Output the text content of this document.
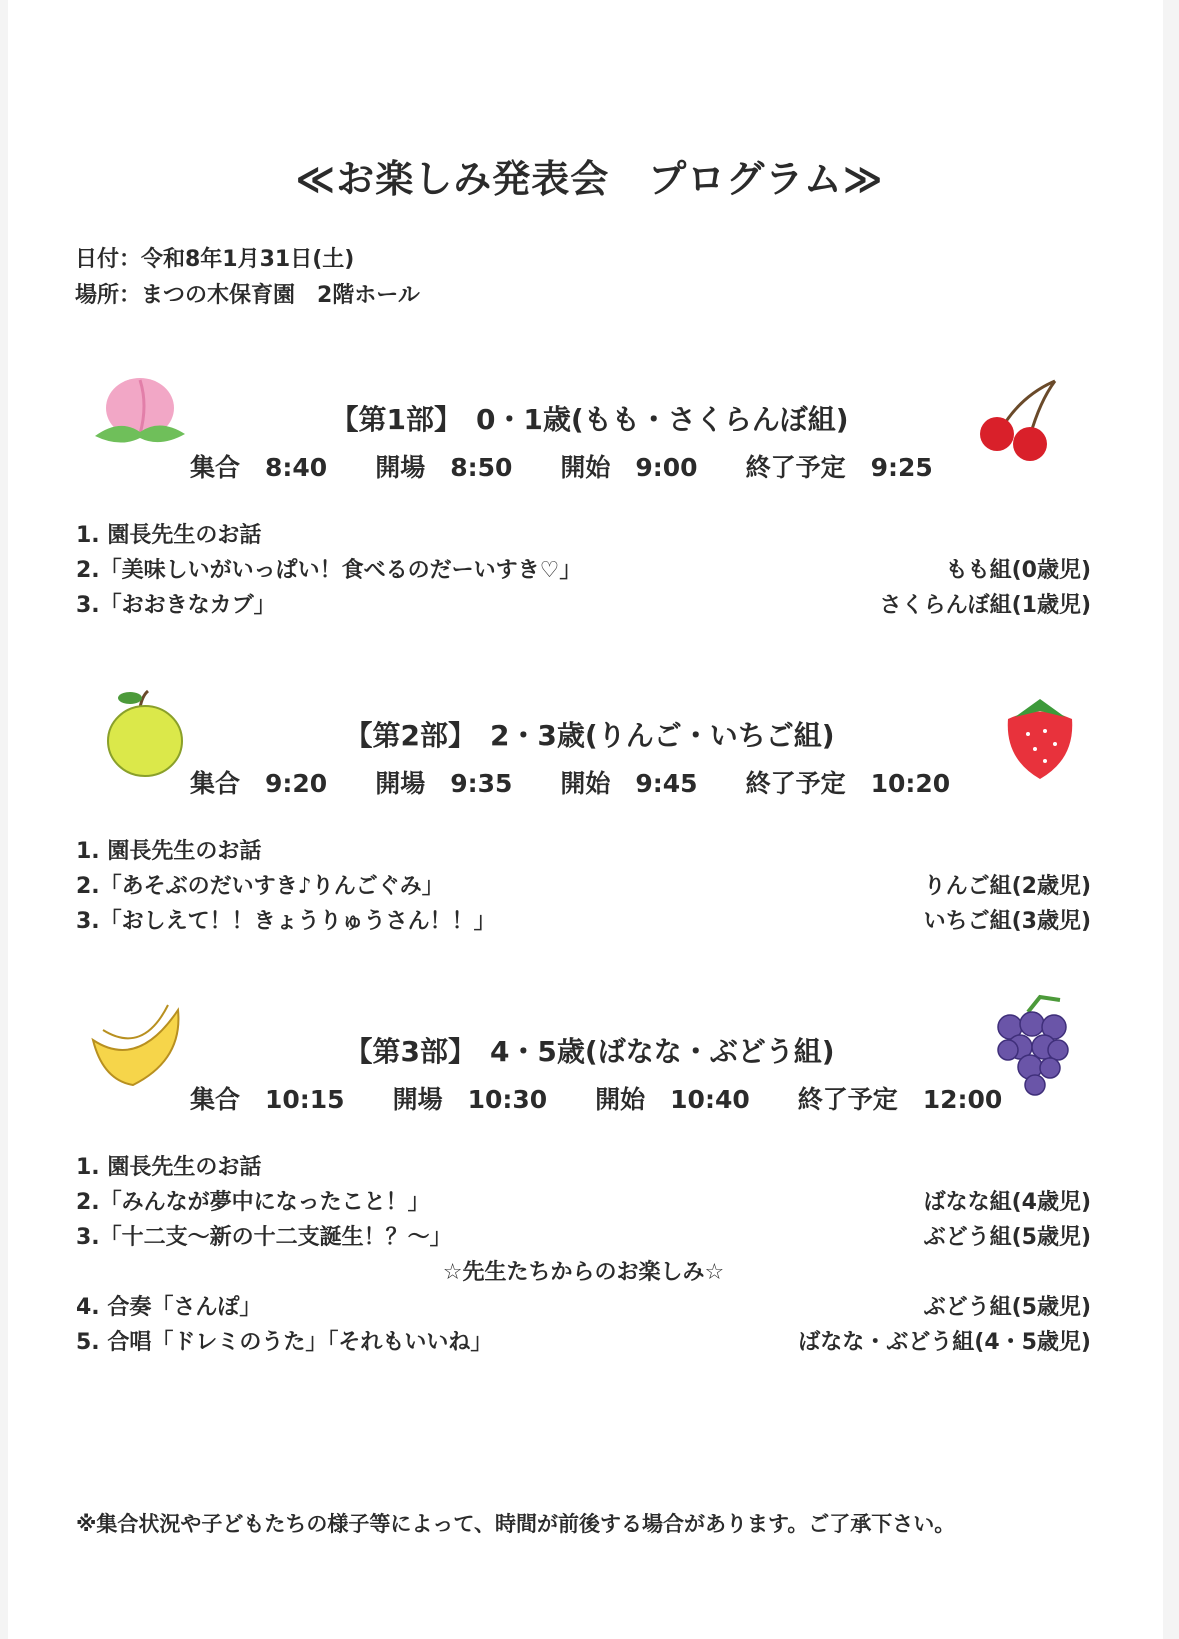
≪お楽しみ発表会　プログラム≫
日付：令和8年1月31日(土)
場所：まつの木保育園　2階ホール
【第1部】　0・1歳(もも・さくらんぼ組)
集合　8:40 開場　8:50 開始　9:00 終了予定　9:25
1. 園長先生のお話
2.「美味しいがいっぱい！食べるのだーいすき♡」	もも組(0歳児)
3.「おおきなカブ」	さくらんぼ組(1歳児)
【第2部】　2・3歳(りんご・いちご組)
集合　9:20 開場　9:35 開始　9:45 終了予定　10:20
1. 園長先生のお話
2.「あそぶのだいすき♪りんごぐみ」	りんご組(2歳児)
3.「おしえて！！きょうりゅうさん！！」	いちご組(3歳児)
【第3部】　4・5歳(ばなな・ぶどう組)
集合　10:15 開場　10:30 開始　10:40 終了予定　12:00
1. 園長先生のお話
2.「みんなが夢中になったこと！」	ばなな組(4歳児)
3.「十二支～新の十二支誕生！？～」	ぶどう組(5歳児)
☆先生たちからのお楽しみ☆
4. 合奏「さんぽ」	ぶどう組(5歳児)
5. 合唱「ドレミのうた」「それもいいね」	ばなな・ぶどう組(4・5歳児)
※集合状況や子どもたちの様子等によって、時間が前後する場合があります。ご了承下さい。
